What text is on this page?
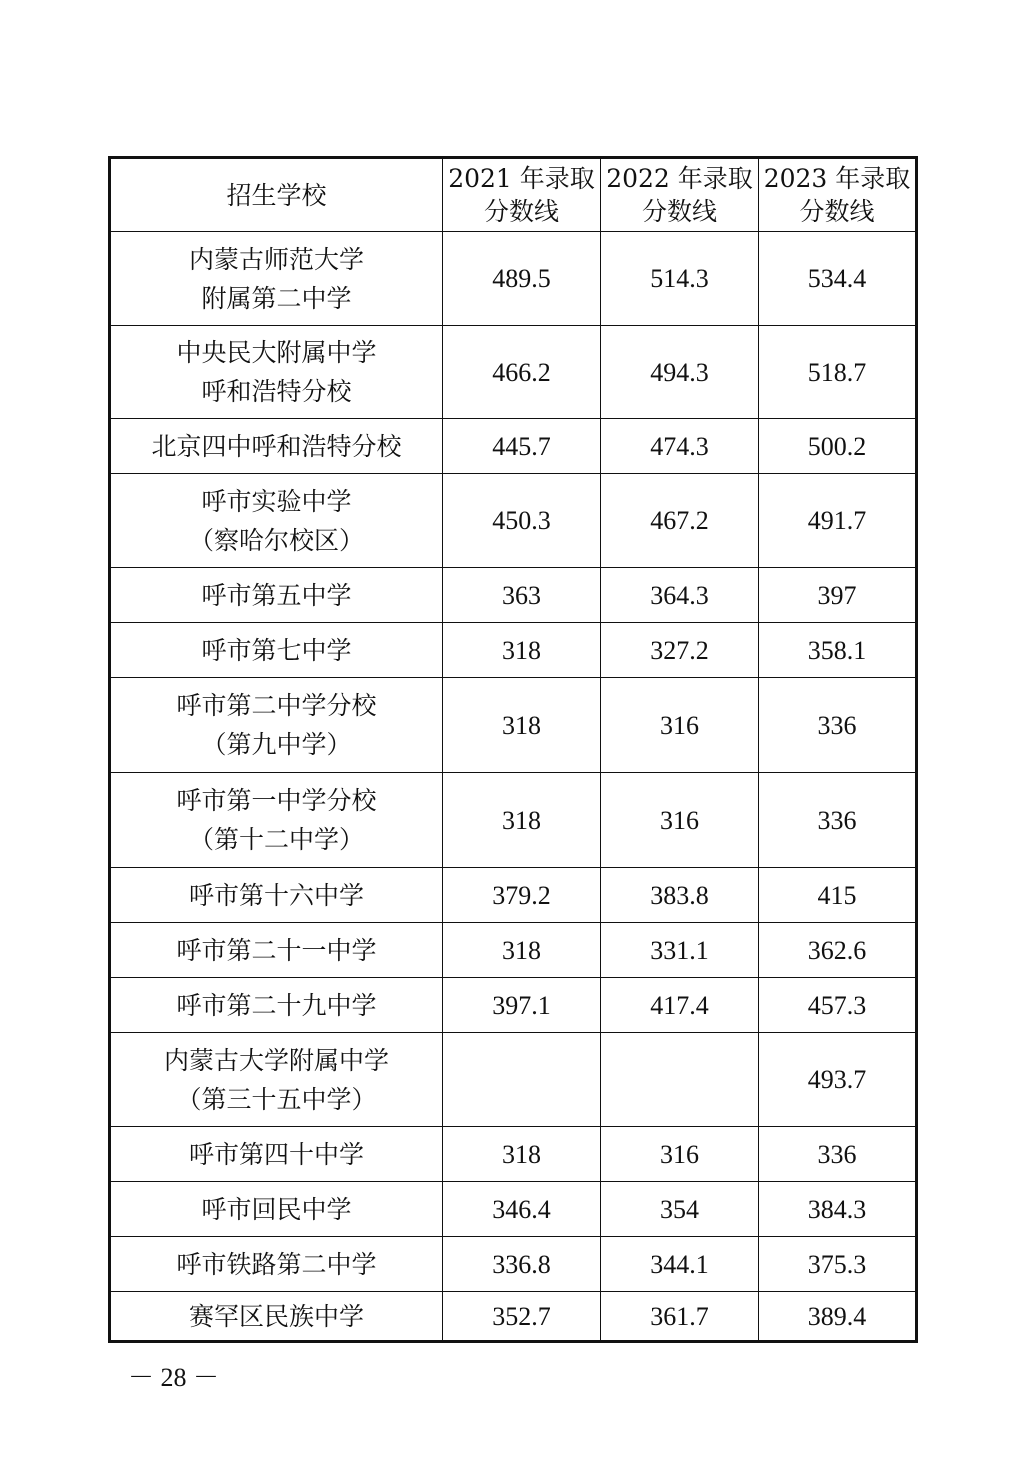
招生学校	2021 年录取分数线	2022 年录取分数线	2023 年录取分数线
内蒙古师范大学
附属第二中学	489.5	514.3	534.4
中央民大附属中学
呼和浩特分校	466.2	494.3	518.7
北京四中呼和浩特分校	445.7	474.3	500.2
呼市实验中学
（察哈尔校区）	450.3	467.2	491.7
呼市第五中学	363	364.3	397
呼市第七中学	318	327.2	358.1
呼市第二中学分校
（第九中学）	318	316	336
呼市第一中学分校
（第十二中学）	318	316	336
呼市第十六中学	379.2	383.8	415
呼市第二十一中学	318	331.1	362.6
呼市第二十九中学	397.1	417.4	457.3
内蒙古大学附属中学
（第三十五中学）			493.7
呼市第四十中学	318	316	336
呼市回民中学	346.4	354	384.3
呼市铁路第二中学	336.8	344.1	375.3
赛罕区民族中学	352.7	361.7	389.4
－ 28 －
